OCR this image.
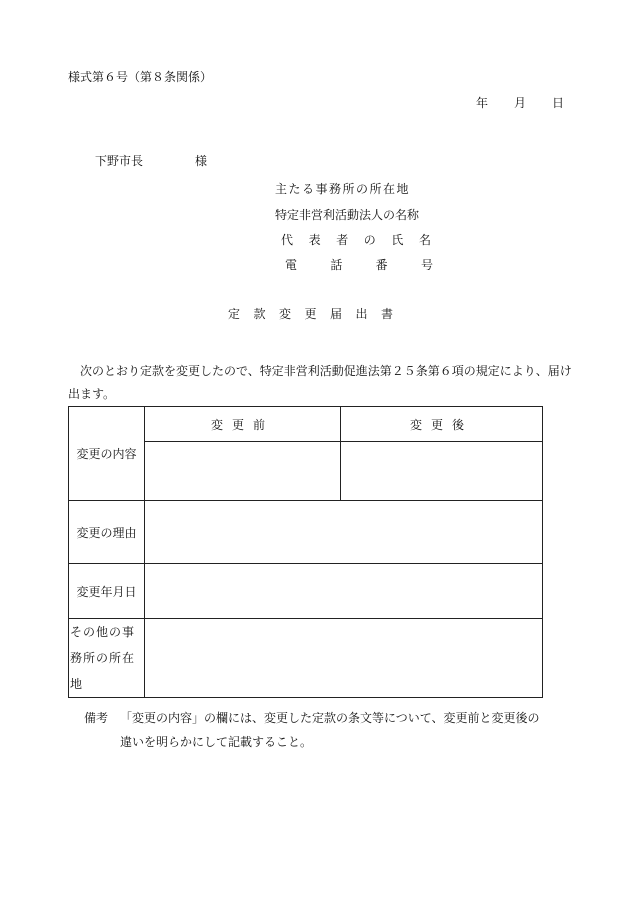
様式第６号（第８条関係）
年 月 日
下野市長	様
主たる事務所の所在地
特定非営利活動法人の名称
代 表 者 の 氏 名
電	話	番	号
定款変更届出書
次のとおり定款を変更したので、特定非営利活動促進法第２５条第６項の規定により、届け出ます。
変更の内容	変更前	変更後

変更の理由		
変更年月日		

その他の事
務所の所在
地		

備考 「変更の内容」の欄には、変更した定款の条文等について、変更前と変更後の
違いを明らかにして記載すること。
